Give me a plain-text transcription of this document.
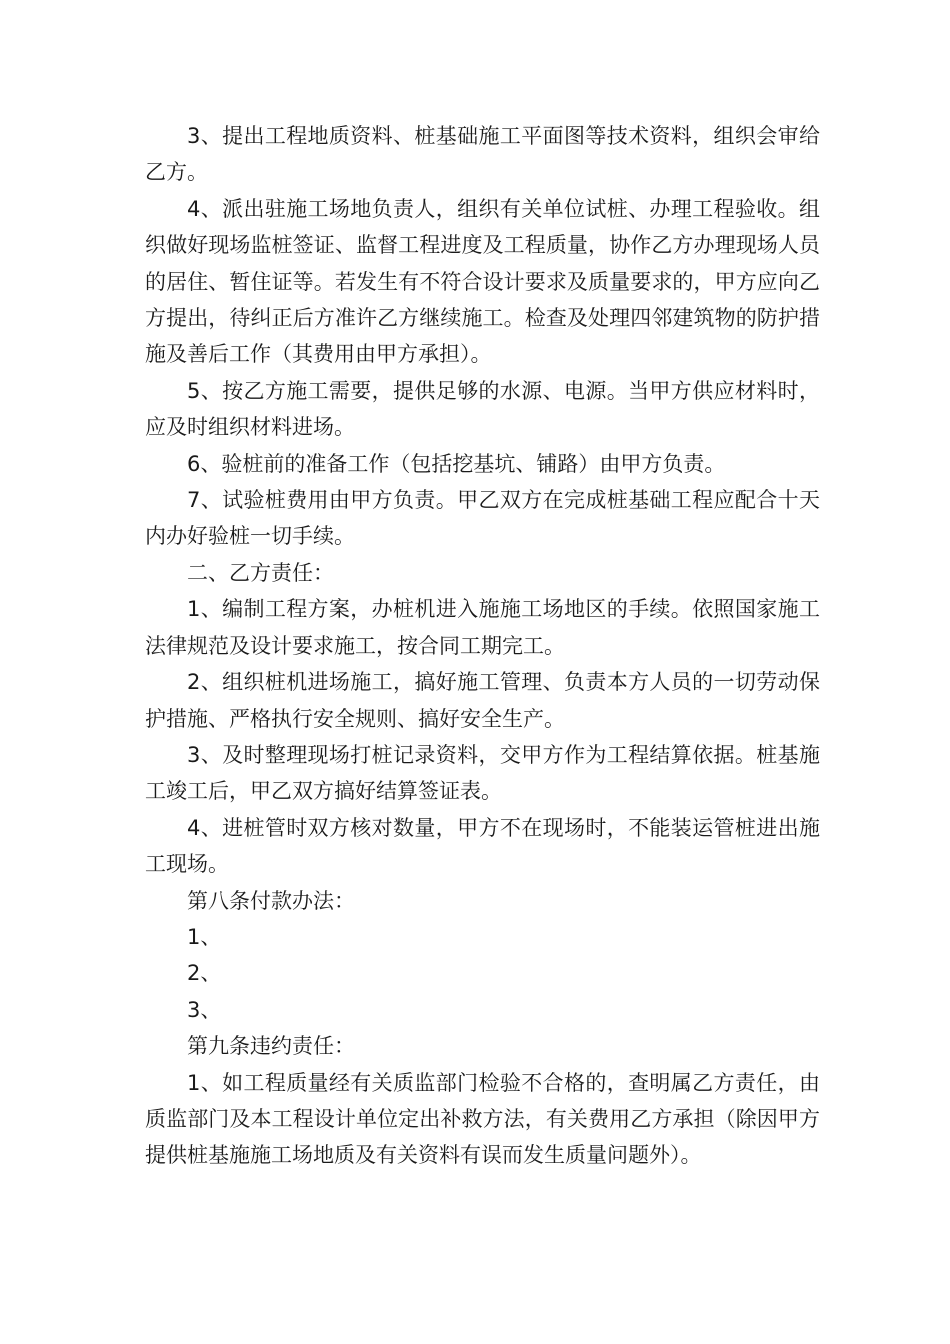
3、提出工程地质资料、桩基础施工平面图等技术资料，组织会审给乙方。

4、派出驻施工场地负责人，组织有关单位试桩、办理工程验收。组织做好现场监桩签证、监督工程进度及工程质量，协作乙方办理现场人员的居住、暂住证等。若发生有不符合设计要求及质量要求的，甲方应向乙方提出，待纠正后方准许乙方继续施工。检查及处理四邻建筑物的防护措施及善后工作（其费用由甲方承担）。

5、按乙方施工需要，提供足够的水源、电源。当甲方供应材料时，应及时组织材料进场。

6、验桩前的准备工作（包括挖基坑、铺路）由甲方负责。

7、试验桩费用由甲方负责。甲乙双方在完成桩基础工程应配合十天内办好验桩一切手续。

二、乙方责任：

1、编制工程方案，办桩机进入施施工场地区的手续。依照国家施工法律规范及设计要求施工，按合同工期完工。

2、组织桩机进场施工，搞好施工管理、负责本方人员的一切劳动保护措施、严格执行安全规则、搞好安全生产。

3、及时整理现场打桩记录资料，交甲方作为工程结算依据。桩基施工竣工后，甲乙双方搞好结算签证表。

4、进桩管时双方核对数量，甲方不在现场时，不能装运管桩进出施工现场。

第八条付款办法：

1、

2、

3、

第九条违约责任：

1、如工程质量经有关质监部门检验不合格的，查明属乙方责任，由质监部门及本工程设计单位定出补救方法，有关费用乙方承担（除因甲方提供桩基施施工场地质及有关资料有误而发生质量问题外）。
